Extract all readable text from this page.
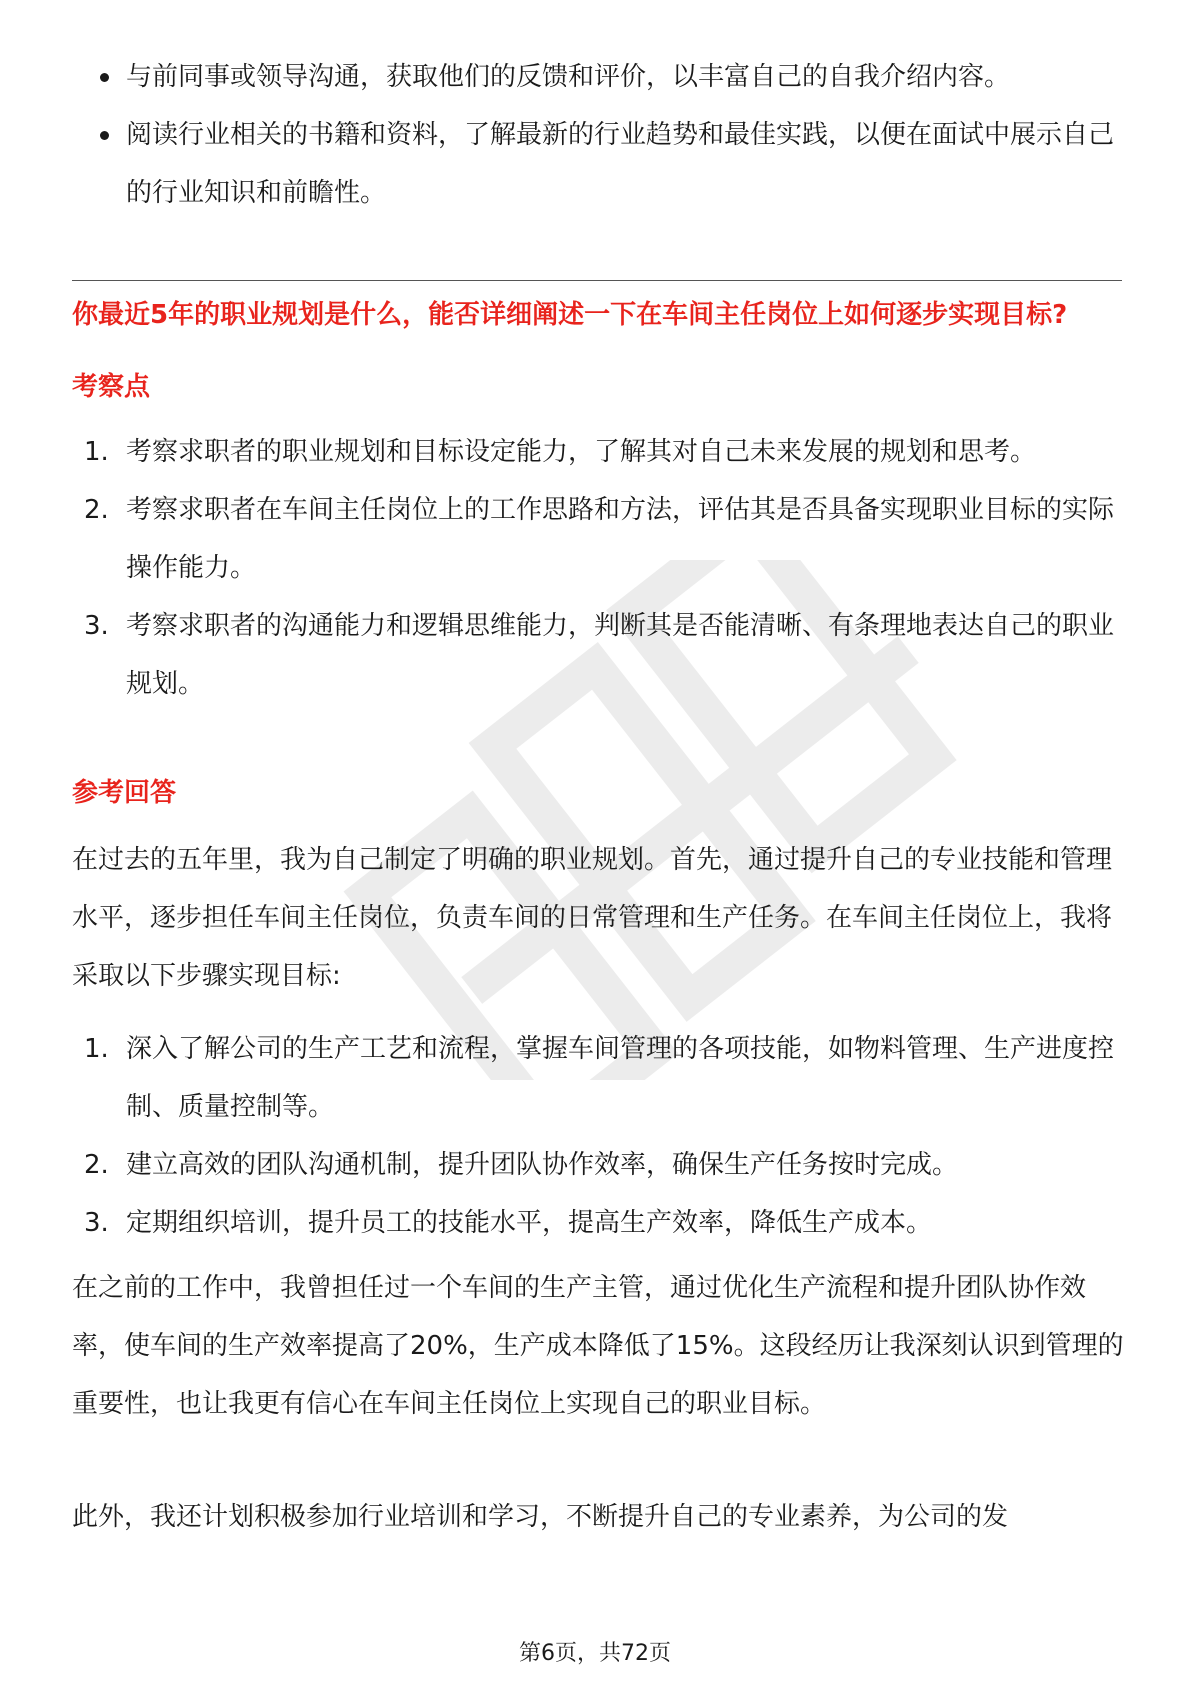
与前同事或领导沟通，获取他们的反馈和评价，以丰富自己的自我介绍内容。
阅读行业相关的书籍和资料，了解最新的行业趋势和最佳实践，以便在面试中展示自己的行业知识和前瞻性。
你最近5年的职业规划是什么，能否详细阐述一下在车间主任岗位上如何逐步实现目标?
考察点
1. 考察求职者的职业规划和目标设定能力，了解其对自己未来发展的规划和思考。
2. 考察求职者在车间主任岗位上的工作思路和方法，评估其是否具备实现职业目标的实际操作能力。
3. 考察求职者的沟通能力和逻辑思维能力，判断其是否能清晰、有条理地表达自己的职业规划。
参考回答

在过去的五年里，我为自己制定了明确的职业规划。首先，通过提升自己的专业技能和管理水平，逐步担任车间主任岗位，负责车间的日常管理和生产任务。在车间主任岗位上，我将采取以下步骤实现目标:

1. 深入了解公司的生产工艺和流程，掌握车间管理的各项技能，如物料管理、生产进度控制、质量控制等。
2. 建立高效的团队沟通机制，提升团队协作效率，确保生产任务按时完成。
3. 定期组织培训，提升员工的技能水平，提高生产效率，降低生产成本。

在之前的工作中，我曾担任过一个车间的生产主管，通过优化生产流程和提升团队协作效率，使车间的生产效率提高了20%，生产成本降低了15%。这段经历让我深刻认识到管理的重要性，也让我更有信心在车间主任岗位上实现自己的职业目标。

此外，我还计划积极参加行业培训和学习，不断提升自己的专业素养，为公司的发

第6页，共72页
